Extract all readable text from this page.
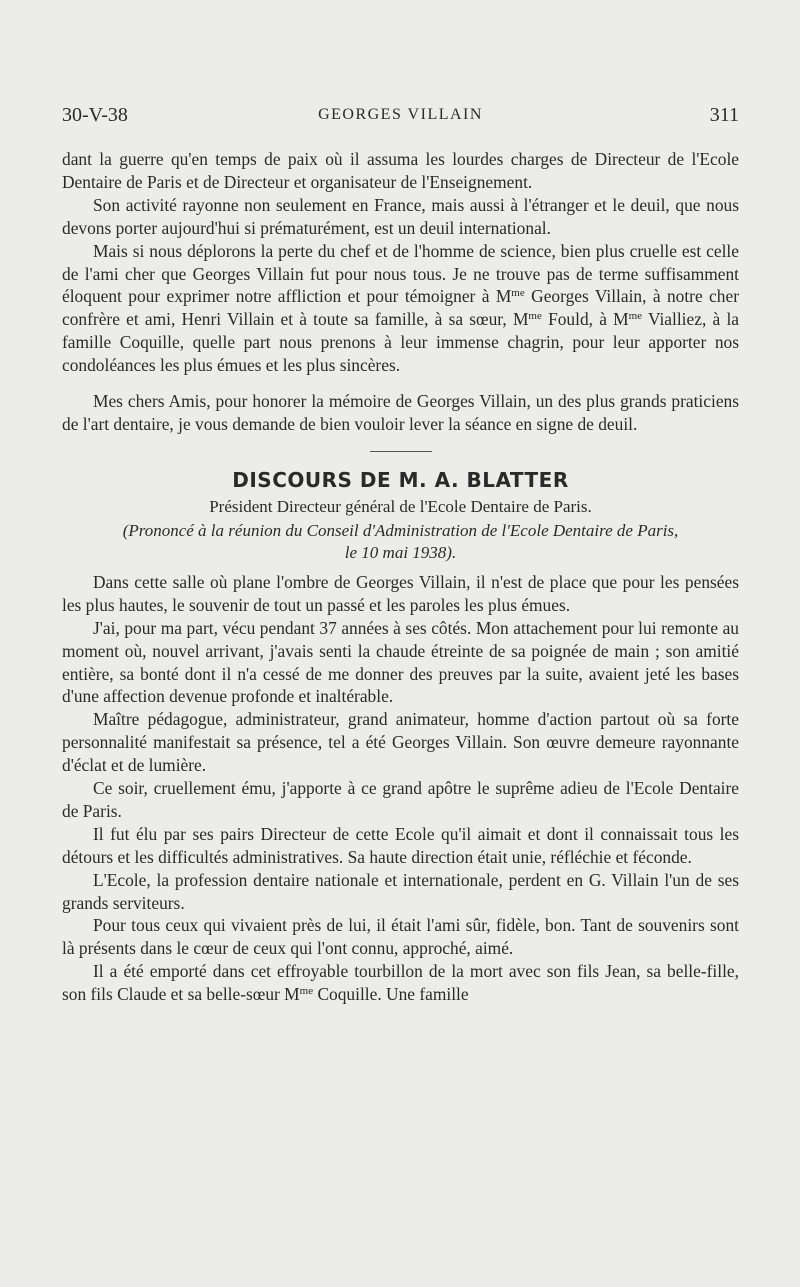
30-V-38	GEORGES VILLAIN	311

dant la guerre qu'en temps de paix où il assuma les lourdes charges de Directeur de l'Ecole Dentaire de Paris et de Directeur et organisateur de l'Enseignement.

Son activité rayonne non seulement en France, mais aussi à l'étranger et le deuil, que nous devons porter aujourd'hui si prématurément, est un deuil international.

Mais si nous déplorons la perte du chef et de l'homme de science, bien plus cruelle est celle de l'ami cher que Georges Villain fut pour nous tous. Je ne trouve pas de terme suffisamment éloquent pour exprimer notre affliction et pour témoigner à $M^{me}$ Georges Villain, à notre cher confrère et ami, Henri Villain et à toute sa famille, à sa sœur, $M^{me}$ Fould, à $M^{me}$ Vialliez, à la famille Coquille, quelle part nous prenons à leur immense chagrin, pour leur apporter nos condoléances les plus émues et les plus sincères.

Mes chers Amis, pour honorer la mémoire de Georges Villain, un des plus grands praticiens de l'art dentaire, je vous demande de bien vouloir lever la séance en signe de deuil.

DISCOURS DE M. A. BLATTER
Président Directeur général de l'Ecole Dentaire de Paris.
(Prononcé à la réunion du Conseil d'Administration de l'Ecole Dentaire de Paris,
le 10 mai 1938).

Dans cette salle où plane l'ombre de Georges Villain, il n'est de place que pour les pensées les plus hautes, le souvenir de tout un passé et les paroles les plus émues.

J'ai, pour ma part, vécu pendant 37 années à ses côtés. Mon attachement pour lui remonte au moment où, nouvel arrivant, j'avais senti la chaude étreinte de sa poignée de main ; son amitié entière, sa bonté dont il n'a cessé de me donner des preuves par la suite, avaient jeté les bases d'une affection devenue profonde et inaltérable.

Maître pédagogue, administrateur, grand animateur, homme d'action partout où sa forte personnalité manifestait sa présence, tel a été Georges Villain. Son œuvre demeure rayonnante d'éclat et de lumière.

Ce soir, cruellement ému, j'apporte à ce grand apôtre le suprême adieu de l'Ecole Dentaire de Paris.

Il fut élu par ses pairs Directeur de cette Ecole qu'il aimait et dont il connaissait tous les détours et les difficultés administratives. Sa haute direction était unie, réfléchie et féconde.

L'Ecole, la profession dentaire nationale et internationale, perdent en G. Villain l'un de ses grands serviteurs.

Pour tous ceux qui vivaient près de lui, il était l'ami sûr, fidèle, bon. Tant de souvenirs sont là présents dans le cœur de ceux qui l'ont connu, approché, aimé.

Il a été emporté dans cet effroyable tourbillon de la mort avec son fils Jean, sa belle-fille, son fils Claude et sa belle-sœur $M^{me}$ Coquille. Une famille
